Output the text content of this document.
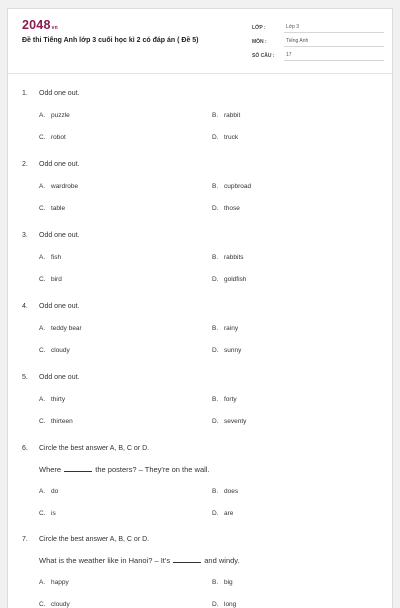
2048vn
Đề thi Tiếng Anh lớp 3 cuối học kì 2 có đáp án ( Đề 5)
LỚP :	Lớp 3
MÔN :	Tiếng Anh
SỐ CÂU :	17
1. Odd one out.
A. puzzle	B. rabbit
C. robot	D. truck
2. Odd one out.
A. wardrobe	B. cupbroad
C. table	D. those
3. Odd one out.
A. fish	B. rabbits
C. bird	D. goldfish
4. Odd one out.
A. teddy bear	B. rainy
C. cloudy	D. sunny
5. Odd one out.
A. thirty	B. forty
C. thirteen	D. seventy
6. Circle the best answer A, B, C or D.
Where	the posters? – They're on the wall.
A. do	B. does
C. is	D. are
7. Circle the best answer A, B, C or D.
What is the weather like in Hanoi? – It's	and windy.
A. happy	B. big
C. cloudy	D. long
